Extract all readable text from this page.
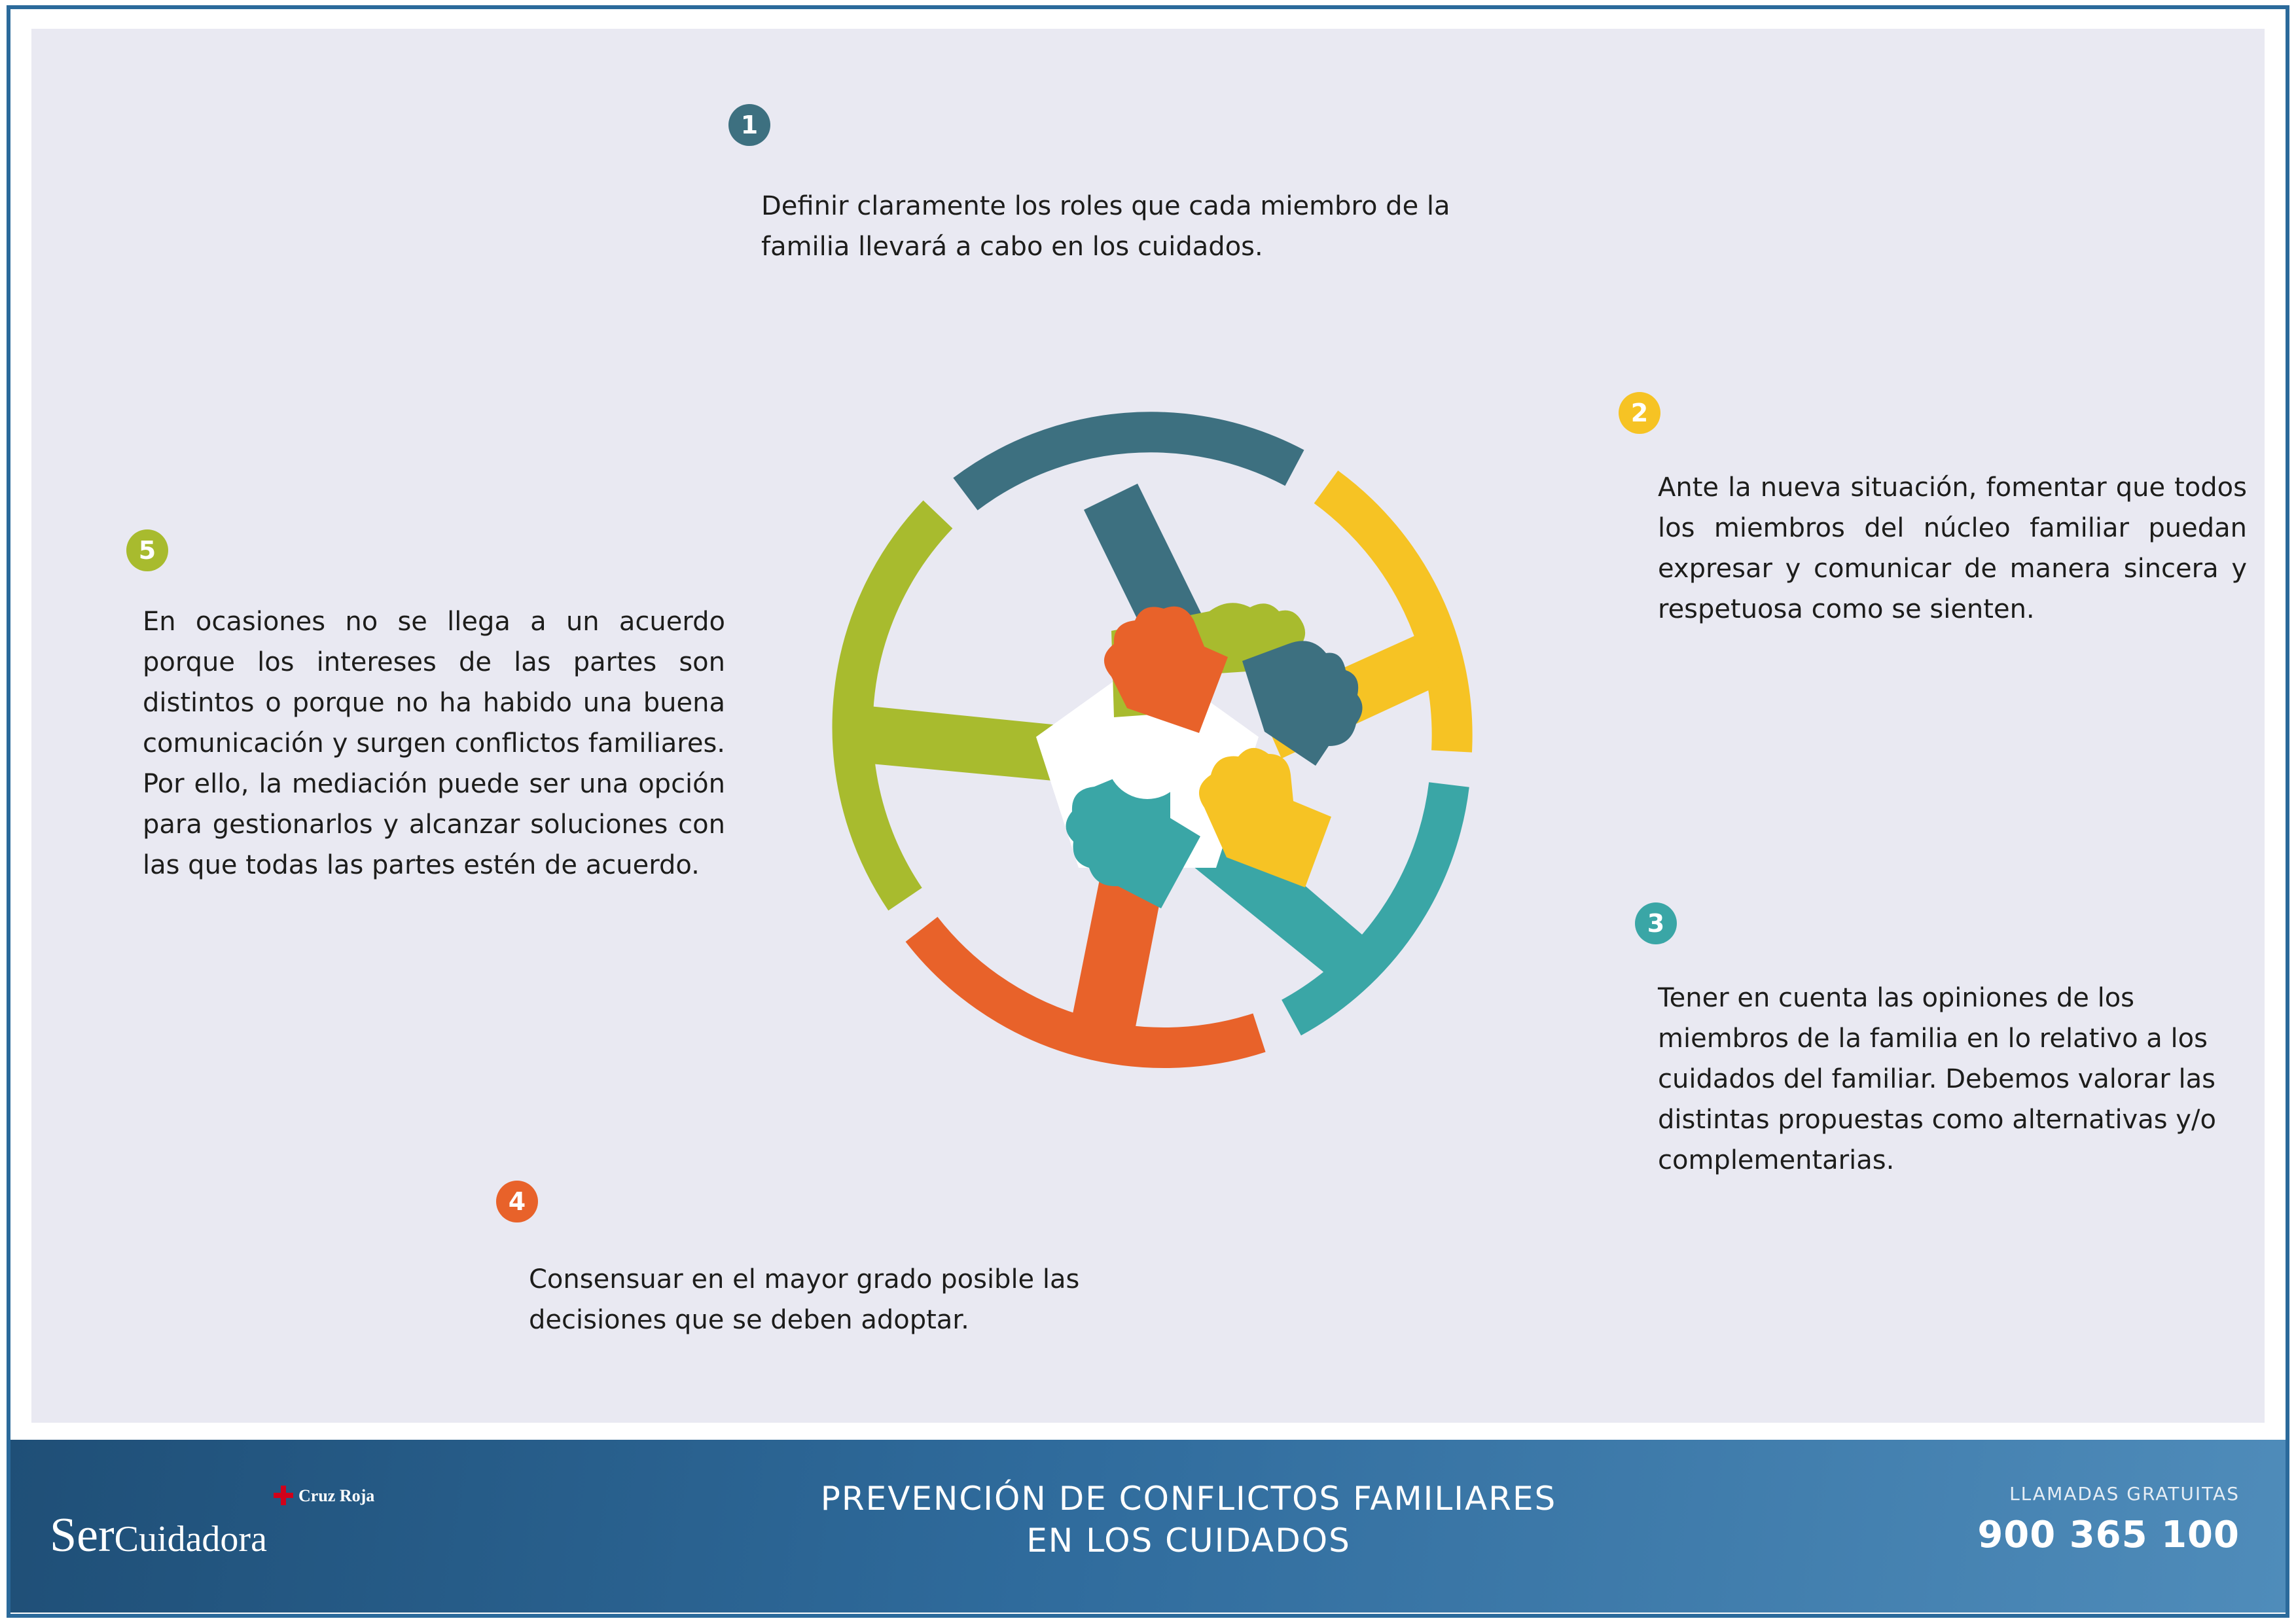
1
Definir claramente los roles que cada miembro de la familia llevará a cabo en los cuidados.
2
Ante la nueva situación, fomentar que todos los miembros del núcleo familiar puedan expresar y comunicar de manera sincera y respetuosa como se sienten.
3
Tener en cuenta las opiniones de los miembros de la familia en lo relativo a los cuidados del familiar. Debemos valorar las distintas propuestas como alternativas y/o complementarias.
4
Consensuar en el mayor grado posible las decisiones que se deben adoptar.
5
En ocasiones no se llega a un acuerdo porque los intereses de las partes son distintos o porque no ha habido una buena comunicación y surgen conflictos familiares. Por ello, la mediación puede ser una opción para gestionarlos y alcanzar soluciones con las que todas las partes estén de acuerdo.
Cruz Roja
SerCuidadora
PREVENCIÓN DE CONFLICTOS FAMILIARES
EN LOS CUIDADOS
LLAMADAS GRATUITAS
900 365 100
